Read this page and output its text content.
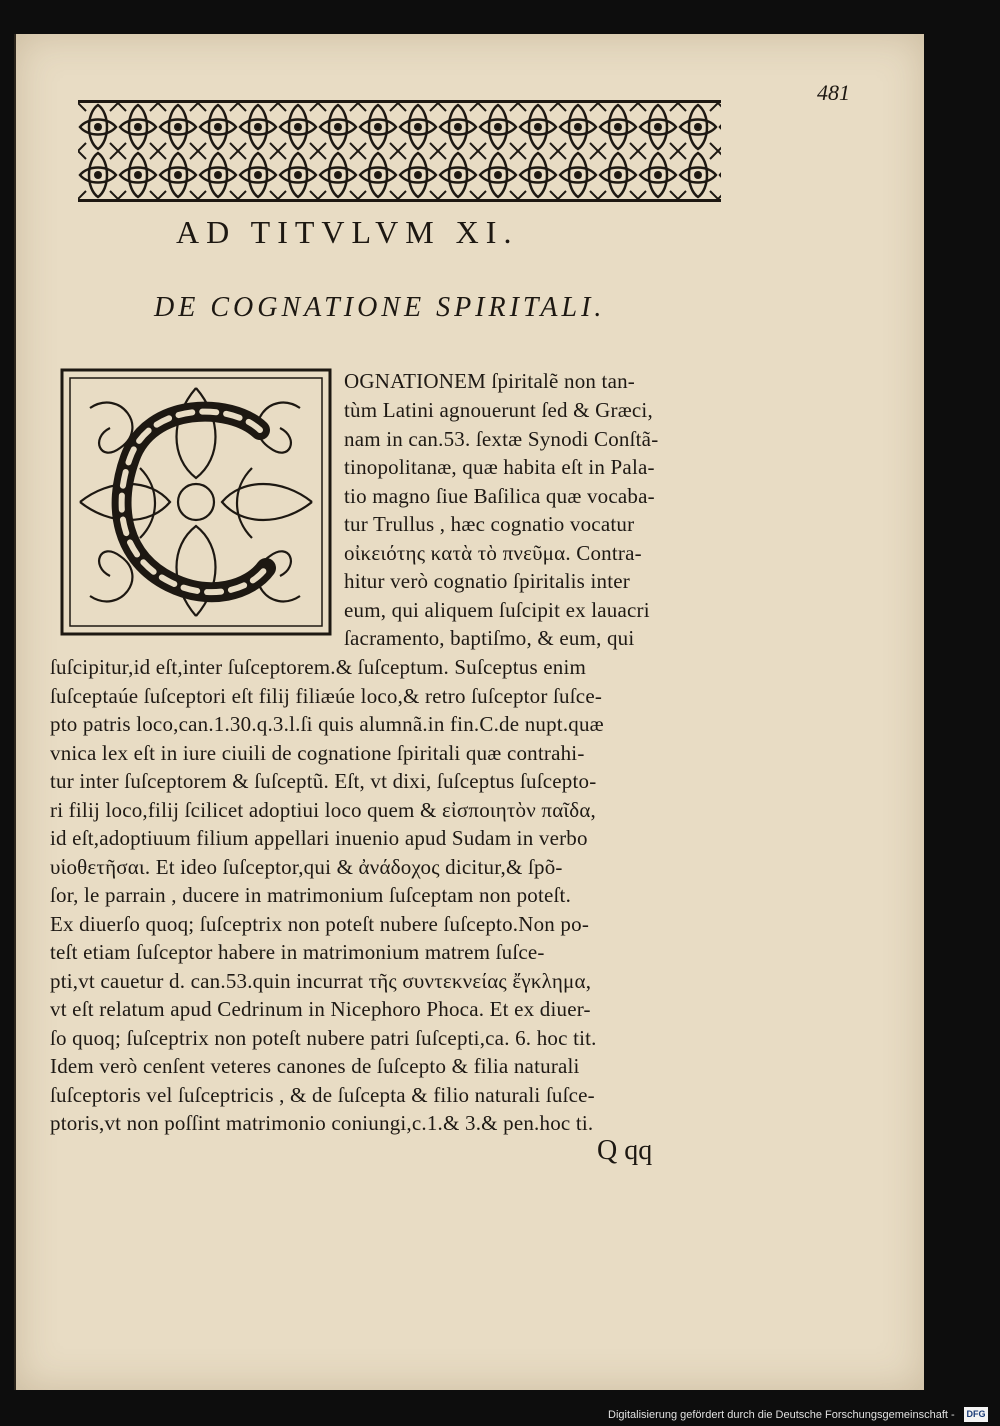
481
AD TITVLVM XI.
DE COGNATIONE SPIRITALI.
OGNATIONEM ſpiritalẽ non tan-
tùm Latini agnouerunt ſed & Græci,
nam in can.53. ſextæ Synodi Conſtã-
tinopolitanæ, quæ habita eſt in Pala-
tio magno ſiue Baſilica quæ vocaba-
tur Trullus , hæc cognatio vocatur
οἰκειότης κατὰ τὸ πνεῦμα. Contra-
hitur verò cognatio ſpiritalis inter
eum, qui aliquem ſuſcipit ex lauacri
ſacramento, baptiſmo, & eum, qui
ſuſcipitur,id eſt,inter ſuſceptorem.& ſuſceptum. Suſceptus enim
ſuſceptaúe ſuſceptori eſt filij filiæúe loco,& retro ſuſceptor ſuſce-
pto patris loco,can.1.30.q.3.l.ſi quis alumnã.in fin.C.de nupt.quæ
vnica lex eſt in iure ciuili de cognatione ſpiritali quæ contrahi-
tur inter ſuſceptorem & ſuſceptũ. Eſt, vt dixi, ſuſceptus ſuſcepto-
ri filij loco,filij ſcilicet adoptiui loco quem & εἰσποιητὸν παῖδα,
id eſt,adoptiuum filium appellari inuenio apud Sudam in verbo
υἱοθετῆσαι. Et ideo ſuſceptor,qui & ἀνάδοχος dicitur,& ſpõ-
ſor, le parrain , ducere in matrimonium ſuſceptam non poteſt.
Ex diuerſo quoq; ſuſceptrix non poteſt nubere ſuſcepto.Non po-
teſt etiam ſuſceptor habere in matrimonium matrem ſuſce-
pti,vt cauetur d. can.53.quin incurrat τῆς συντεκνείας ἔγκλημα,
vt eſt relatum apud Cedrinum in Nicephoro Phoca. Et ex diuer-
ſo quoq; ſuſceptrix non poteſt nubere patri ſuſcepti,ca. 6. hoc tit.
Idem verò cenſent veteres canones de ſuſcepto & filia naturali
ſuſceptoris vel ſuſceptricis , & de ſuſcepta & filio naturali ſuſce-
ptoris,vt non poſſint matrimonio coniungi,c.1.& 3.& pen.hoc ti.
Q qq
Digitalisierung gefördert durch die Deutsche Forschungsgemeinschaft - DFG
